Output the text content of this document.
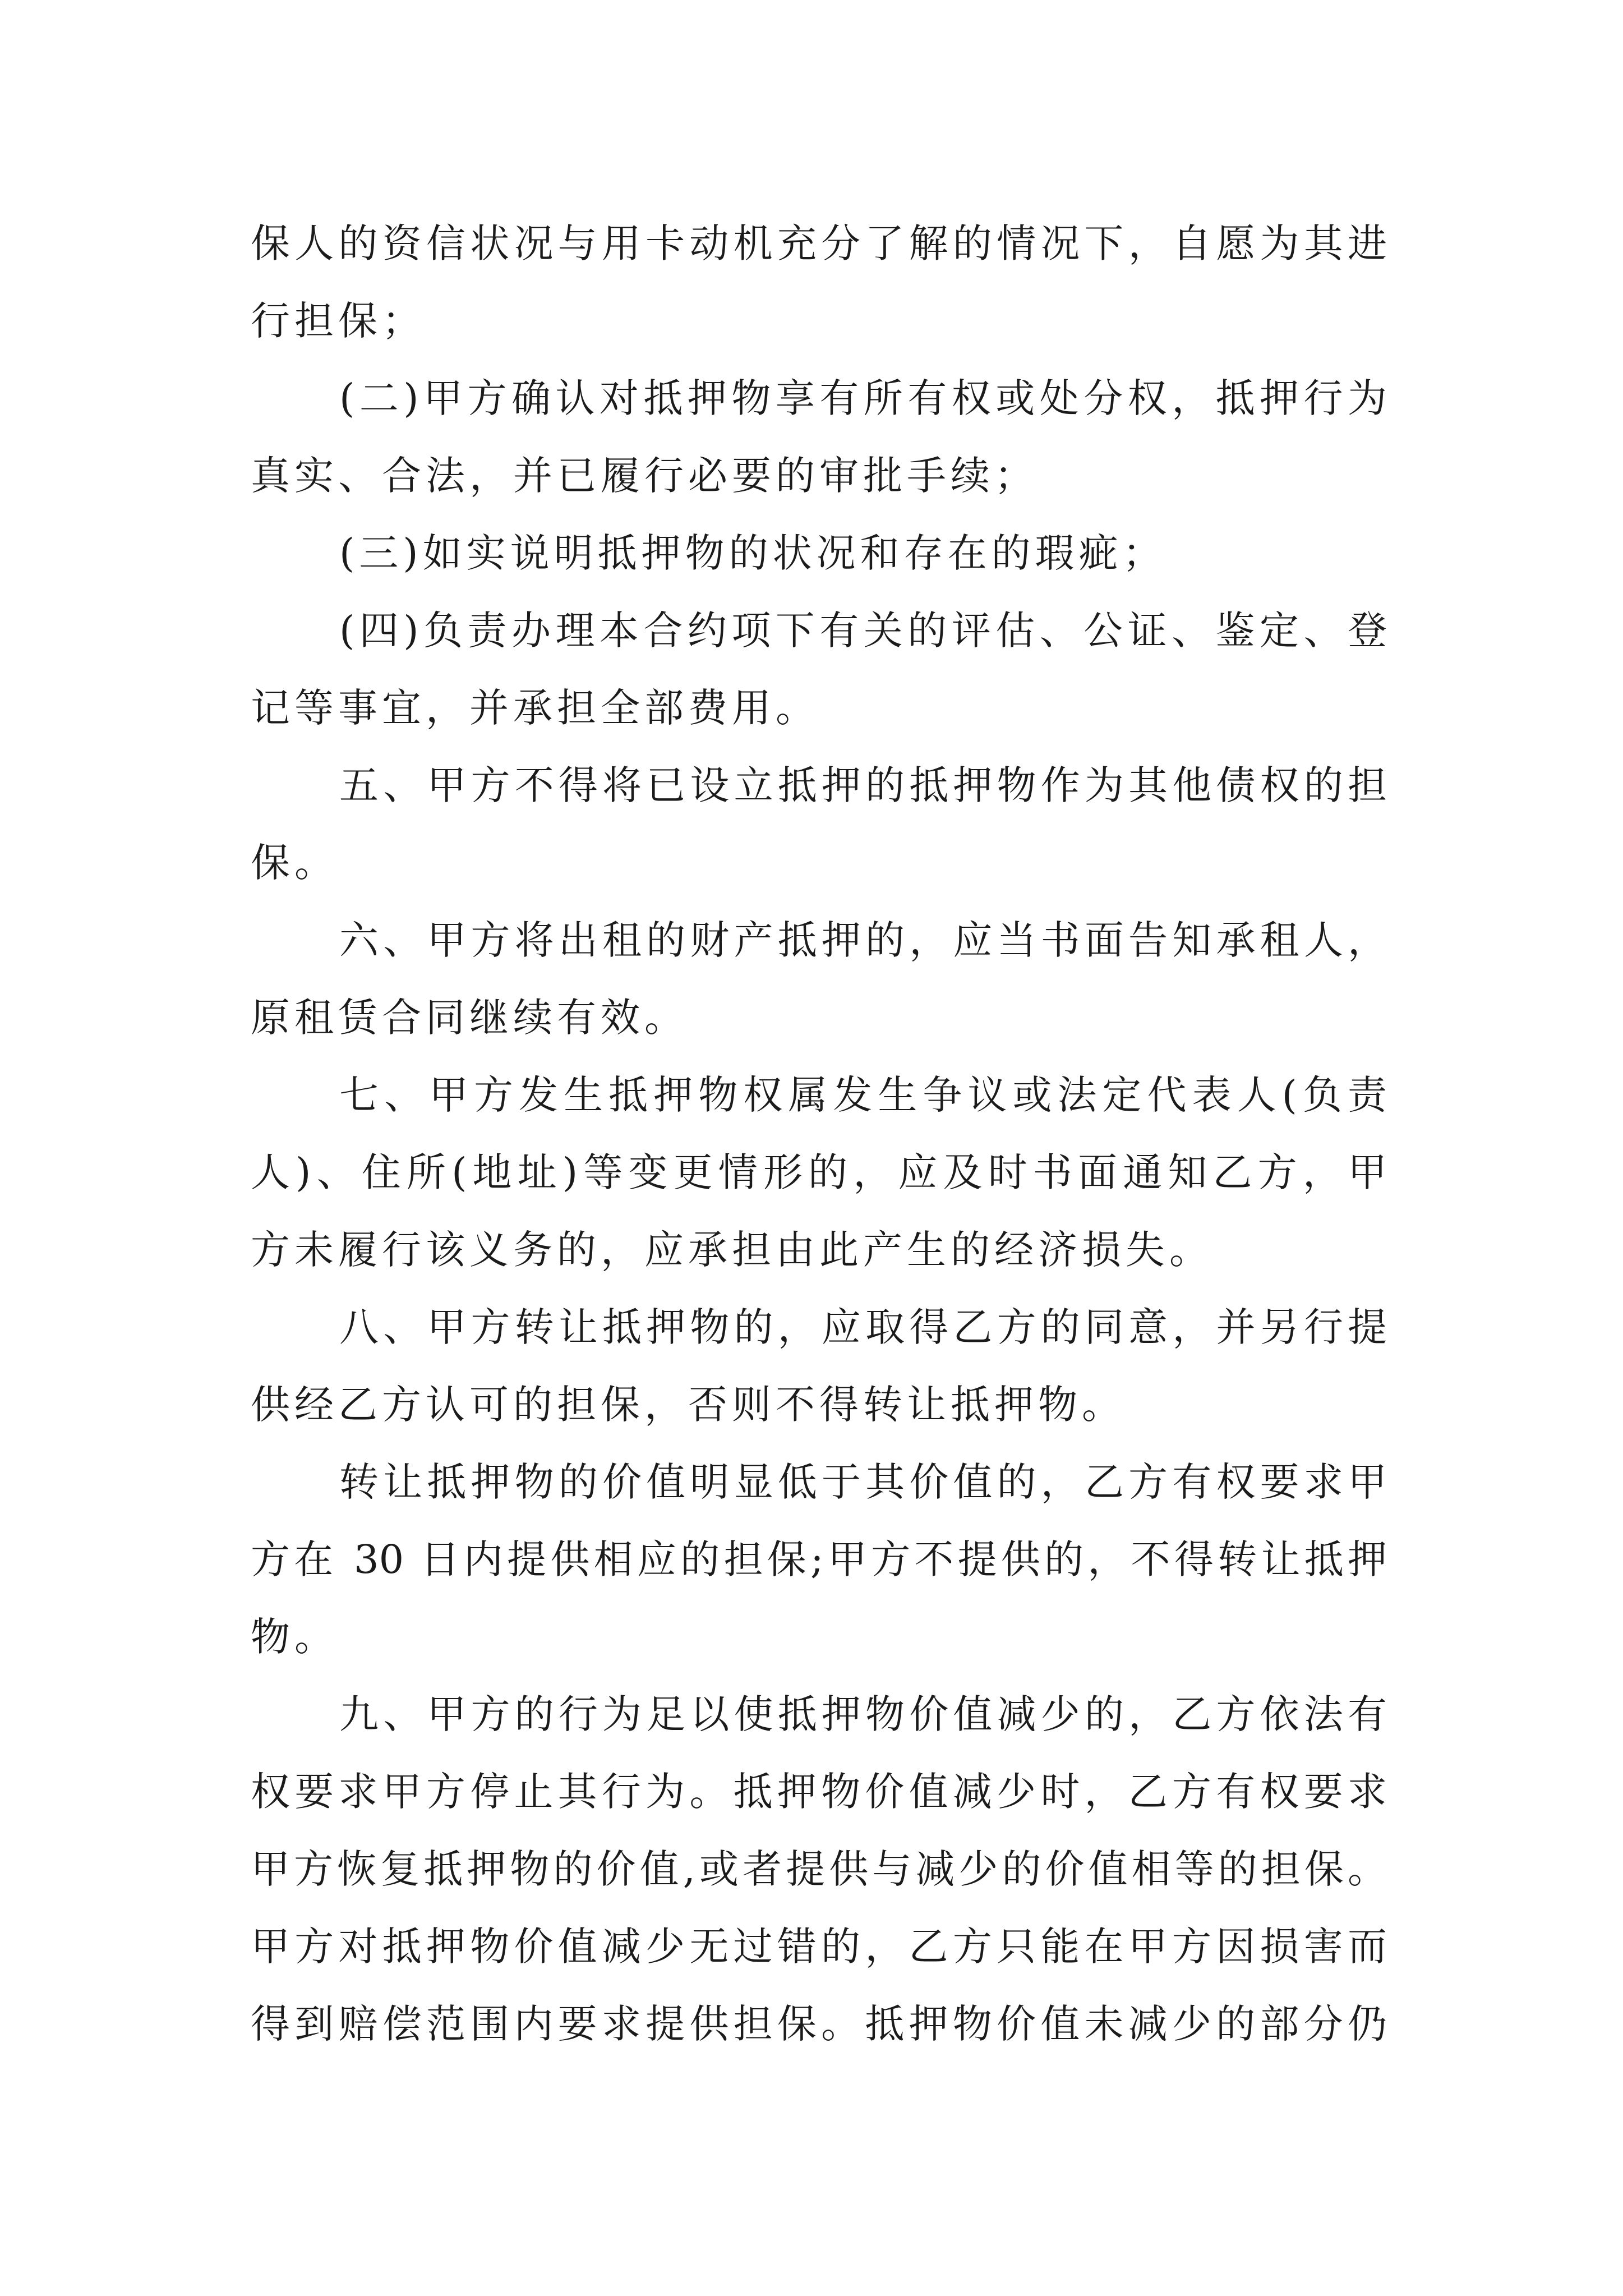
保人的资信状况与用卡动机充分了解的情况下，自愿为其进
行担保；
(二)甲方确认对抵押物享有所有权或处分权，抵押行为
真实、合法，并已履行必要的审批手续；
(三)如实说明抵押物的状况和存在的瑕疵；
(四)负责办理本合约项下有关的评估、公证、鉴定、登
记等事宜，并承担全部费用。
五、甲方不得将已设立抵押的抵押物作为其他债权的担
保。
六、甲方将出租的财产抵押的，应当书面告知承租人，
原租赁合同继续有效。
七、甲方发生抵押物权属发生争议或法定代表人(负责
人)、住所(地址)等变更情形的，应及时书面通知乙方，甲
方未履行该义务的，应承担由此产生的经济损失。
八、甲方转让抵押物的，应取得乙方的同意，并另行提
供经乙方认可的担保，否则不得转让抵押物。
转让抵押物的价值明显低于其价值的，乙方有权要求甲
方在 30 日内提供相应的担保;甲方不提供的，不得转让抵押
物。
九、甲方的行为足以使抵押物价值减少的，乙方依法有
权要求甲方停止其行为。抵押物价值减少时，乙方有权要求
甲方恢复抵押物的价值,或者提供与减少的价值相等的担保。
甲方对抵押物价值减少无过错的，乙方只能在甲方因损害而
得到赔偿范围内要求提供担保。抵押物价值未减少的部分仍
